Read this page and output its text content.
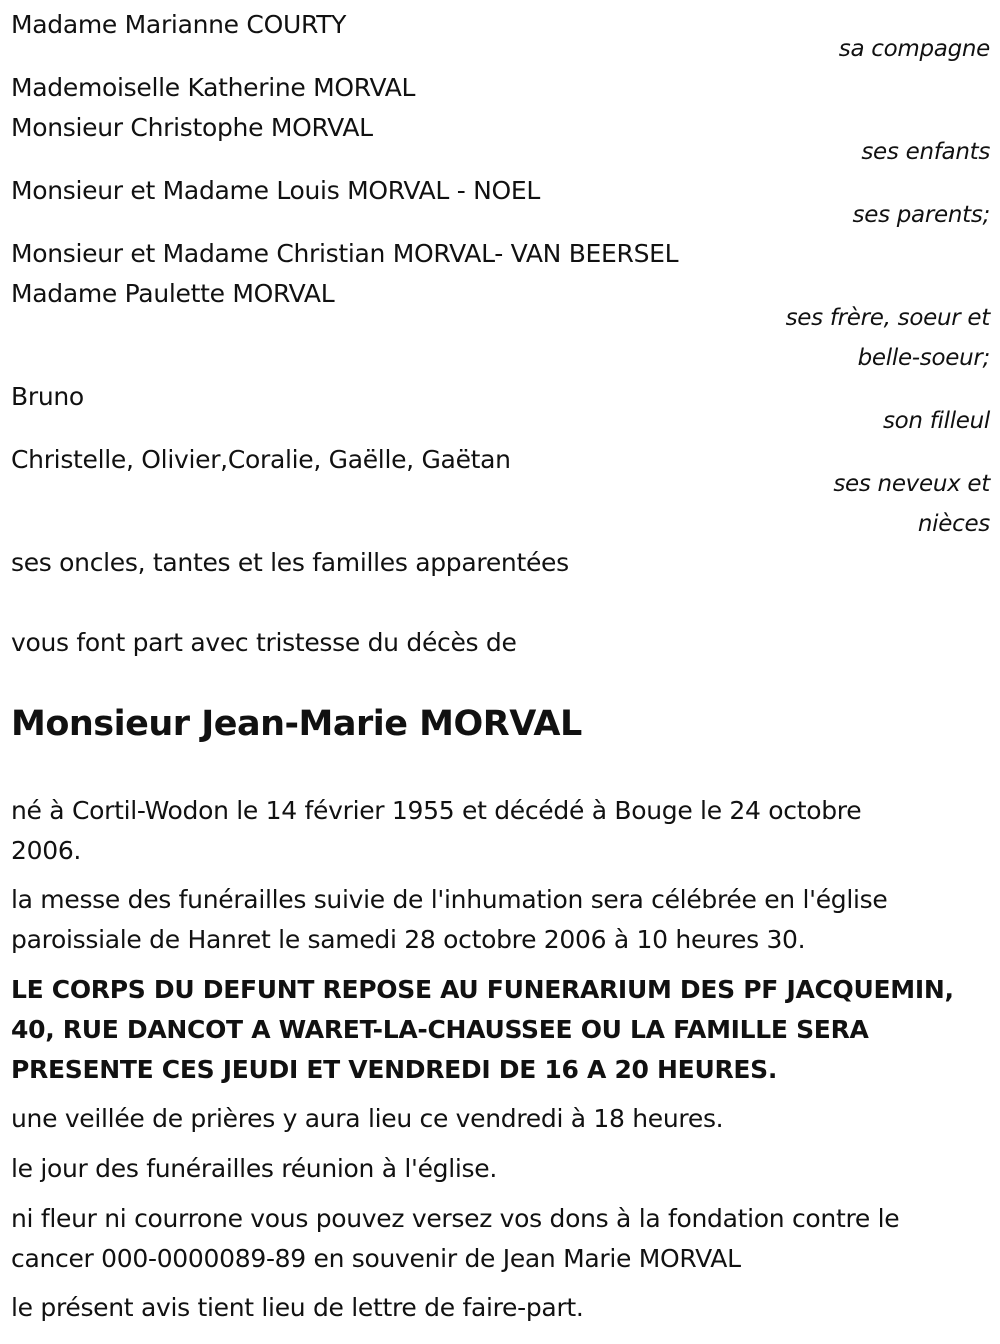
Madame Marianne COURTY
sa compagne
Mademoiselle Katherine MORVAL
Monsieur Christophe MORVAL
ses enfants
Monsieur et Madame Louis MORVAL - NOEL
ses parents;
Monsieur et Madame Christian MORVAL- VAN BEERSEL
Madame Paulette MORVAL
ses frère, soeur et
belle-soeur;
Bruno
son filleul
Christelle, Olivier,Coralie, Gaëlle, Gaëtan
ses neveux et
nièces
ses oncles, tantes et les familles apparentées
vous font part avec tristesse du décès de
Monsieur Jean-Marie MORVAL
né à Cortil-Wodon le 14 février 1955 et décédé à Bouge le 24 octobre
2006.
la messe des funérailles suivie de l'inhumation sera célébrée en l'église
paroissiale de Hanret le samedi 28 octobre 2006 à 10 heures 30.
LE CORPS DU DEFUNT REPOSE AU FUNERARIUM DES PF JACQUEMIN,
40, RUE DANCOT A WARET-LA-CHAUSSEE OU LA FAMILLE SERA
PRESENTE CES JEUDI ET VENDREDI DE 16 A 20 HEURES.
une veillée de prières y aura lieu ce vendredi à 18 heures.
le jour des funérailles réunion à l'église.
ni fleur ni courrone vous pouvez versez vos dons à la fondation contre le
cancer 000-0000089-89 en souvenir de Jean Marie MORVAL
le présent avis tient lieu de lettre de faire-part.
